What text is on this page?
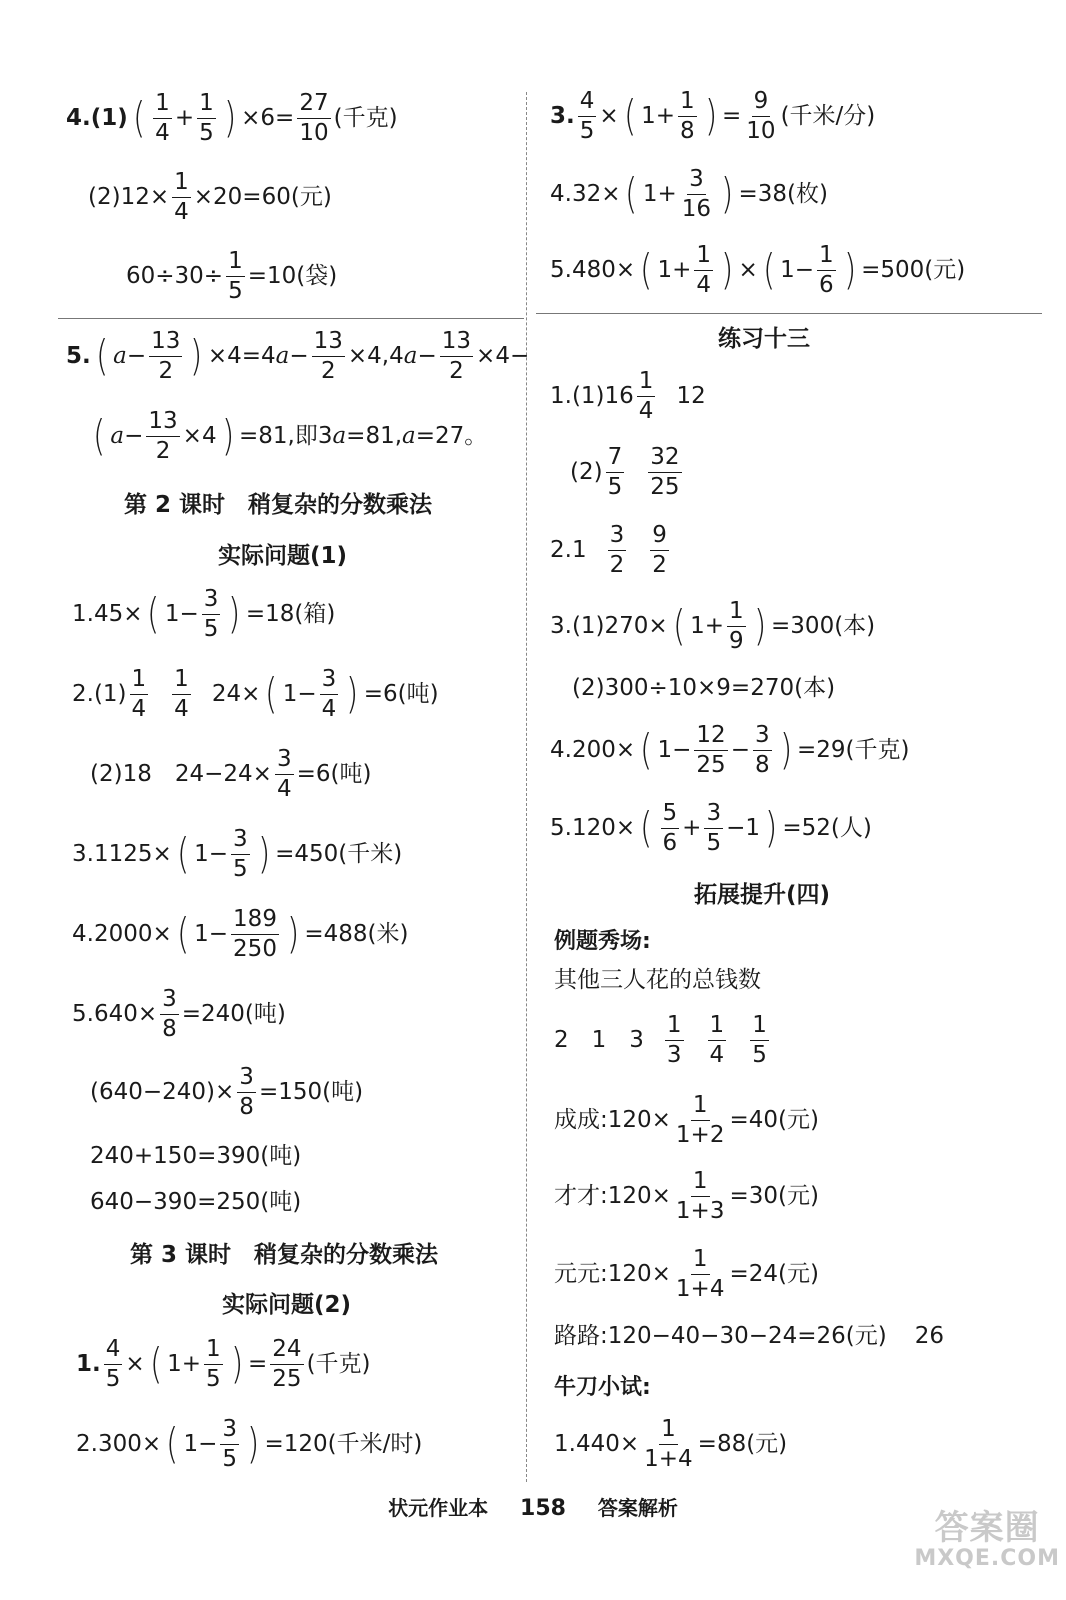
4.(1) ( $\frac{1}{4} + \frac{1}{5}$ ) $\times 6= \frac{27}{10}$ (千克)
$(2)12\times \frac{1}{4} \times 20=60$(元)
$60\div 30\div \frac{1}{5} =10$(袋)
5. ( $a - \frac{13}{2}$ ) ×4=4 $a - \frac{13}{2} \times 4,4$ $a - \frac{13}{2} \times 4-$
( $a - \frac{13}{2} \times 4$ ) =81,即3 a =81, a =27。
第 2 课时　稍复杂的分数乘法
实际问题(1)
1.45× ( $1- \frac{3}{5}$ ) =18(箱)
$2.(1) \frac{1}{4} \frac{1}{4} 24\times$ ( $1- \frac{3}{4}$ ) =6(吨)
(2)18　$24-24\times \frac{3}{4} =6$(吨)
3.1125× ( $1- \frac{3}{5}$ ) =450(千米)
4.2000× ( $1- \frac{189}{250}$ ) =488(米)
$5.640\times \frac{3}{8} =240$(吨)
$(640-240)\times \frac{3}{8} =150$(吨)
240+150=390(吨)
640−390=250(吨)
第 3 课时　稍复杂的分数乘法
实际问题(2)
1. $\frac{4}{5}$ × ( $1+ \frac{1}{5}$ ) = $\frac{24}{25}$ (千克)
2.300× ( $1- \frac{3}{5}$ ) =120(千米/时)
3. $\frac{4}{5}$ × ( $1+ \frac{1}{8}$ ) = $\frac{9}{10}$ (千米/分)
4.32× ( $1+ \frac{3}{16}$ ) =38(枚)
5.480× ( $1+ \frac{1}{4}$ ) × ( $1- \frac{1}{6}$ ) =500(元)
练习十三
$1.(1)16 \frac{1}{4} 12$
$(2) \frac{7}{5} \frac{32}{25}$
$2.1 \frac{3}{2} \frac{9}{2}$
3.(1)270× ( $1+ \frac{1}{9}$ ) =300(本)
(2)300÷10×9=270(本)
4.200× ( $1- \frac{12}{25} - \frac{3}{8}$ ) =29(千克)
5.120× ( $\frac{5}{6} + \frac{3}{5} -1$ ) =52(人)
拓展提升(四)
例题秀场:
其他三人花的总钱数
2　1　$3 \frac{1}{3} \frac{1}{4} \frac{1}{5}$
成成:120× $\frac{1}{1+2} =40$(元)
才才:120× $\frac{1}{1+3} =30$(元)
元元:120× $\frac{1}{1+4} =24$(元)
路路:120−40−30−24=26(元) 26
牛刀小试:
$1.440\times \frac{1}{1+4} =88$(元)
状元作业本 158 答案解析	答案圈
MXQE.COM
